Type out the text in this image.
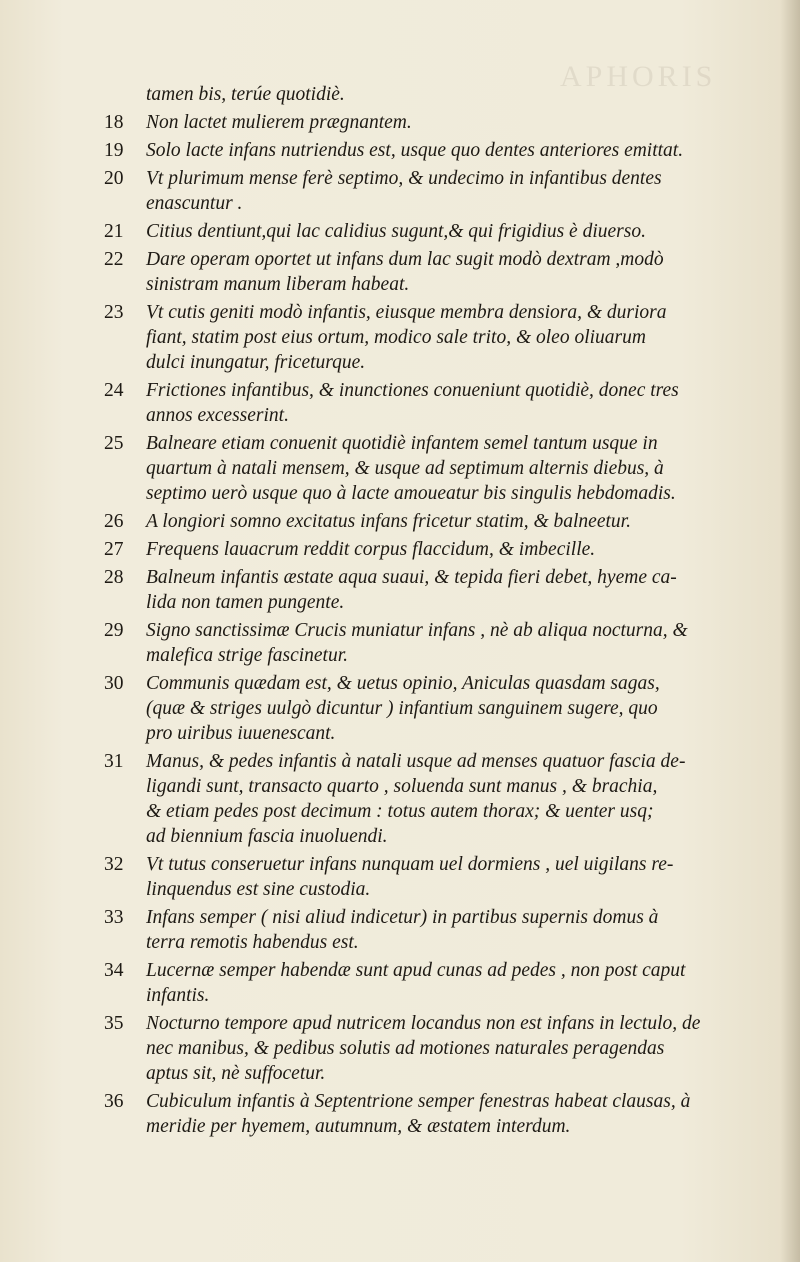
APHORIS
tamen bis, terúe quotidiè.
18	Non lactet mulierem prægnantem.
19	Solo lacte infans nutriendus est, usque quo dentes anteriores emittat.
20	Vt plurimum mense ferè septimo, & undecimo in infantibus dentes
enascuntur .
21	Citius dentiunt,qui lac calidius sugunt,& qui frigidius è diuerso.
22	Dare operam oportet ut infans dum lac sugit modò dextram ,modò
sinistram manum liberam habeat.
23	Vt cutis geniti modò infantis, eiusque membra densiora, & duriora
fiant, statim post eius ortum, modico sale trito, & oleo oliuarum
dulci inungatur, friceturque.
24	Frictiones infantibus, & inunctiones conueniunt quotidiè, donec tres
annos excesserint.
25	Balneare etiam conuenit quotidiè infantem semel tantum usque in
quartum à natali mensem, & usque ad septimum alternis diebus, à
septimo uerò usque quo à lacte amoueatur bis singulis hebdomadis.
26	A longiori somno excitatus infans fricetur statim, & balneetur.
27	Frequens lauacrum reddit corpus flaccidum, & imbecille.
28	Balneum infantis æstate aqua suaui, & tepida fieri debet, hyeme ca-
lida non tamen pungente.
29	Signo sanctissimæ Crucis muniatur infans , nè ab aliqua nocturna, &
malefica strige fascinetur.
30	Communis quædam est, & uetus opinio, Aniculas quasdam sagas,
(quæ & striges uulgò dicuntur ) infantium sanguinem sugere, quo
pro uiribus iuuenescant.
31	Manus, & pedes infantis à natali usque ad menses quatuor fascia de-
ligandi sunt, transacto quarto , soluenda sunt manus , & brachia,
& etiam pedes post decimum : totus autem thorax; & uenter usq;
ad biennium fascia inuoluendi.
32	Vt tutus conseruetur infans nunquam uel dormiens , uel uigilans re-
linquendus est sine custodia.
33	Infans semper ( nisi aliud indicetur) in partibus supernis domus à
terra remotis habendus est.
34	Lucernæ semper habendæ sunt apud cunas ad pedes , non post caput
infantis.
35	Nocturno tempore apud nutricem locandus non est infans in lectulo, de
nec manibus, & pedibus solutis ad motiones naturales peragendas
aptus sit, nè suffocetur.
36	Cubiculum infantis à Septentrione semper fenestras habeat clausas, à
meridie per hyemem, autumnum, & æstatem interdum.
